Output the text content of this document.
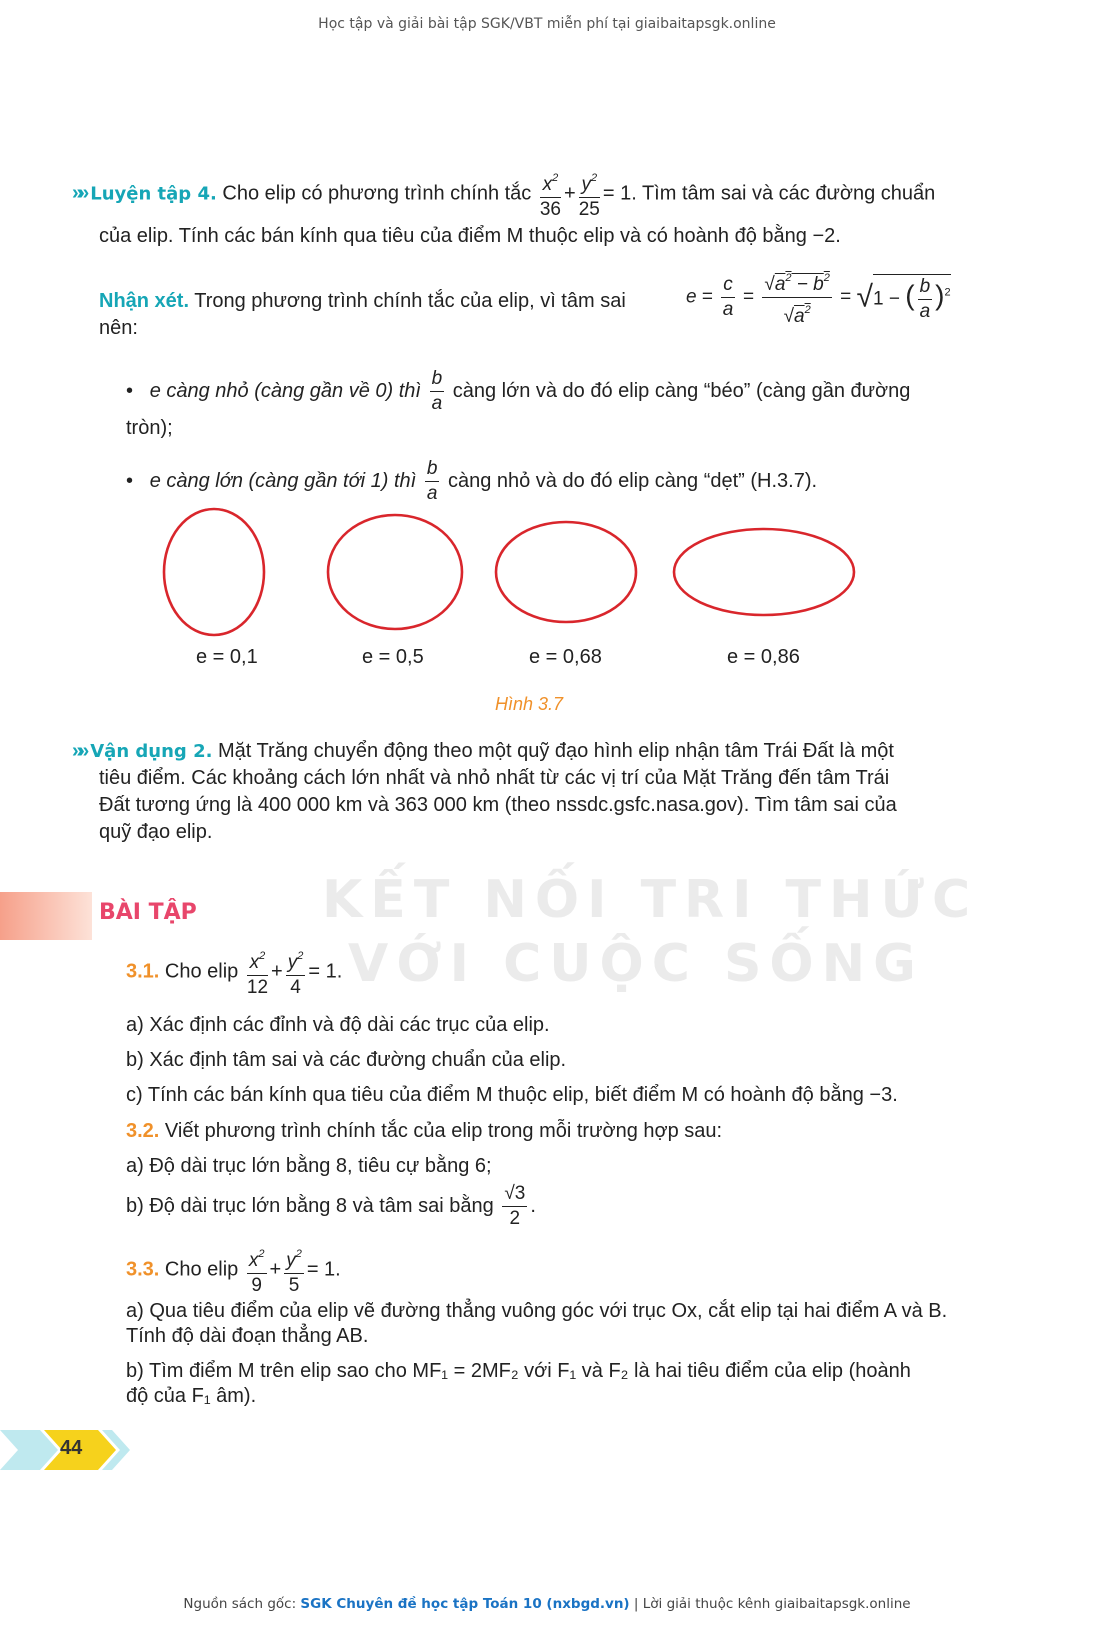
Học tập và giải bài tập SGK/VBT miễn phí tại giaibaitapsgk.online
KẾT NỐI TRI THỨC
VỚI CUỘC SỐNG
»» Luyện tập 4. Cho elip có phương trình chính tắc $\frac{x^2}{36} + \frac{y^2}{25} = 1$. Tìm tâm sai và các đường chuẩn
của elip. Tính các bán kính qua tiêu của điểm M thuộc elip và có hoành độ bằng −2.
Nhận xét. Trong phương trình chính tắc của elip, vì tâm sai	$e = \frac{c}{a} = \frac{√a^2 - b^2}{√a^2} = √1$ − ( $\frac{b}{a} )^2$
nên:
• e càng nhỏ (càng gần về 0) thì $\frac{b}{a}$ càng lớn và do đó elip càng “béo” (càng gần đường
tròn);
• e càng lớn (càng gần tới 1) thì $\frac{b}{a}$ càng nhỏ và do đó elip càng “dẹt” (H.3.7).
e = 0,1	e = 0,5	e = 0,68	e = 0,86
Hình 3.7
»» Vận dụng 2. Mặt Trăng chuyển động theo một quỹ đạo hình elip nhận tâm Trái Đất là một
tiêu điểm. Các khoảng cách lớn nhất và nhỏ nhất từ các vị trí của Mặt Trăng đến tâm Trái
Đất tương ứng là 400 000 km và 363 000 km (theo nssdc.gsfc.nasa.gov). Tìm tâm sai của
quỹ đạo elip.
BÀI TẬP
3.1. Cho elip $\frac{x^2}{12} + \frac{y^2}{4} = 1$.
a) Xác định các đỉnh và độ dài các trục của elip.
b) Xác định tâm sai và các đường chuẩn của elip.
c) Tính các bán kính qua tiêu của điểm M thuộc elip, biết điểm M có hoành độ bằng −3.
3.2. Viết phương trình chính tắc của elip trong mỗi trường hợp sau:
a) Độ dài trục lớn bằng 8, tiêu cự bằng 6;
b) Độ dài trục lớn bằng 8 và tâm sai bằng $\frac{√3}{2}$ .
3.3. Cho elip $\frac{x^2}{9} + \frac{y^2}{5} = 1$.
a) Qua tiêu điểm của elip vẽ đường thẳng vuông góc với trục Ox, cắt elip tại hai điểm A và B.
Tính độ dài đoạn thẳng AB.
b) Tìm điểm M trên elip sao cho MF₁ = 2MF₂ với F₁ và F₂ là hai tiêu điểm của elip (hoành
độ của F₁ âm).
44
Nguồn sách gốc: SGK Chuyên đề học tập Toán 10 (nxbgd.vn) | Lời giải thuộc kênh giaibaitapsgk.online
